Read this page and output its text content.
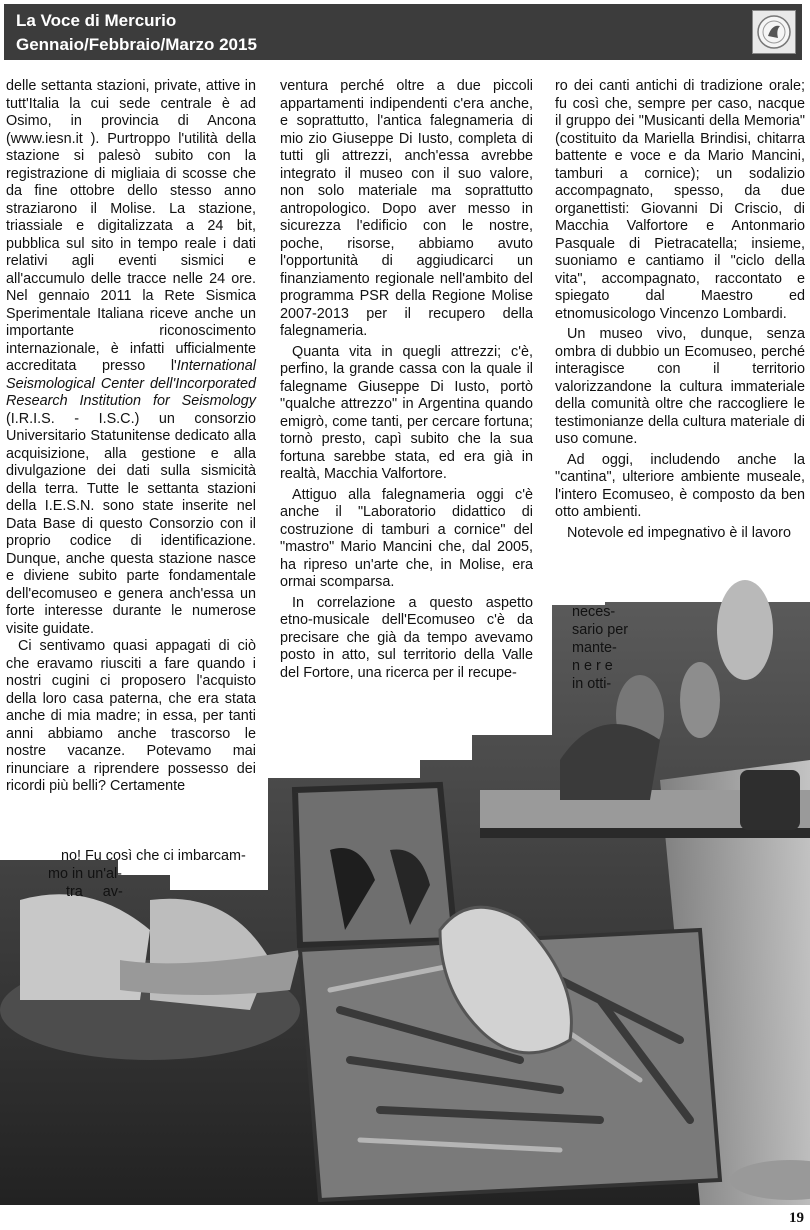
La Voce di Mercurio
Gennaio/Febbraio/Marzo 2015

delle settanta stazioni, private, attive in tutt'Italia la cui sede centrale è ad Osimo, in provincia di Ancona (www.iesn.it ). Purtroppo l'utilità della stazione si palesò subito con la registrazione di migliaia di scosse che da fine ottobre dello stesso anno straziarono il Molise. La stazione, triassiale e digitalizzata a 24 bit, pubblica sul sito in tempo reale i dati relativi agli eventi sismici e all'accumulo delle tracce nelle 24 ore. Nel gennaio 2011 la Rete Sismica Sperimentale Italiana riceve anche un importante riconoscimento internazionale, è infatti ufficialmente accreditata presso l'International Seismological Center dell'Incorporated Research Institution for Seismology (I.R.I.S. - I.S.C.) un consorzio Universitario Statunitense dedicato alla acquisizione, alla gestione e alla divulgazione dei dati sulla sismicità della terra. Tutte le settanta stazioni della I.E.S.N. sono state inserite nel Data Base di questo Consorzio con il proprio codice di identificazione. Dunque, anche questa stazione nasce e diviene subito parte fondamentale dell'ecomuseo e genera anch'essa un forte interesse durante le numerose visite guidate.

Ci sentivamo quasi appagati di ciò che eravamo riusciti a fare quando i nostri cugini ci proposero l'acquisto della loro casa paterna, che era stata anche di mia madre; in essa, per tanti anni abbiamo anche trascorso le nostre vacanze. Potevamo mai rinunciare a riprendere possesso dei ricordi più belli? Certamente

no! Fu così che ci imbarcam-
mo in un'al-
tra av-

ventura perché oltre a due piccoli appartamenti indipendenti c'era anche, e soprattutto, l'antica falegnameria di mio zio Giuseppe Di Iusto, completa di tutti gli attrezzi, anch'essa avrebbe integrato il museo con il suo valore, non solo materiale ma soprattutto antropologico. Dopo aver messo in sicurezza l'edificio con le nostre, poche, risorse, abbiamo avuto l'opportunità di aggiudicarci un finanziamento regionale nell'ambito del programma PSR della Regione Molise 2007-2013 per il recupero della falegnameria.

Quanta vita in quegli attrezzi; c'è, perfino, la grande cassa con la quale il falegname Giuseppe Di Iusto, portò "qualche attrezzo" in Argentina quando emigrò, come tanti, per cercare fortuna; tornò presto, capì subito che la sua fortuna sarebbe stata, ed era già in realtà, Macchia Valfortore.

Attiguo alla falegnameria oggi c'è anche il "Laboratorio didattico di costruzione di tamburi a cornice" del "mastro" Mario Mancini che, dal 2005, ha ripreso un'arte che, in Molise, era ormai scomparsa.

In correlazione a questo aspetto etno-musicale dell'Ecomuseo c'è da precisare che già da tempo avevamo posto in atto, sul territorio della Valle del Fortore, una ricerca per il recupe-

ro dei canti antichi di tradizione orale; fu così che, sempre per caso, nacque il gruppo dei "Musicanti della Memoria" (costituito da Mariella Brindisi, chitarra battente e voce e da Mario Mancini, tamburi a cornice); un sodalizio accompagnato, spesso, da due organettisti: Giovanni Di Criscio, di Macchia Valfortore e Antonmario Pasquale di Pietracatella; insieme, suoniamo e cantiamo il "ciclo della vita", accompagnato, raccontato e spiegato dal Maestro ed etnomusicologo Vincenzo Lombardi.

Un museo vivo, dunque, senza ombra di dubbio un Ecomuseo, perché interagisce con il territorio valorizzandone la cultura immateriale della comunità oltre che raccogliere le testimonianze della cultura materiale di uso comune.

Ad oggi, includendo anche la "cantina", ulteriore ambiente museale, l'intero Ecomuseo, è composto da ben otto ambienti.

Notevole ed impegnativo è il lavoro

neces-
sario per
mante-
n e r e
in otti-
19
